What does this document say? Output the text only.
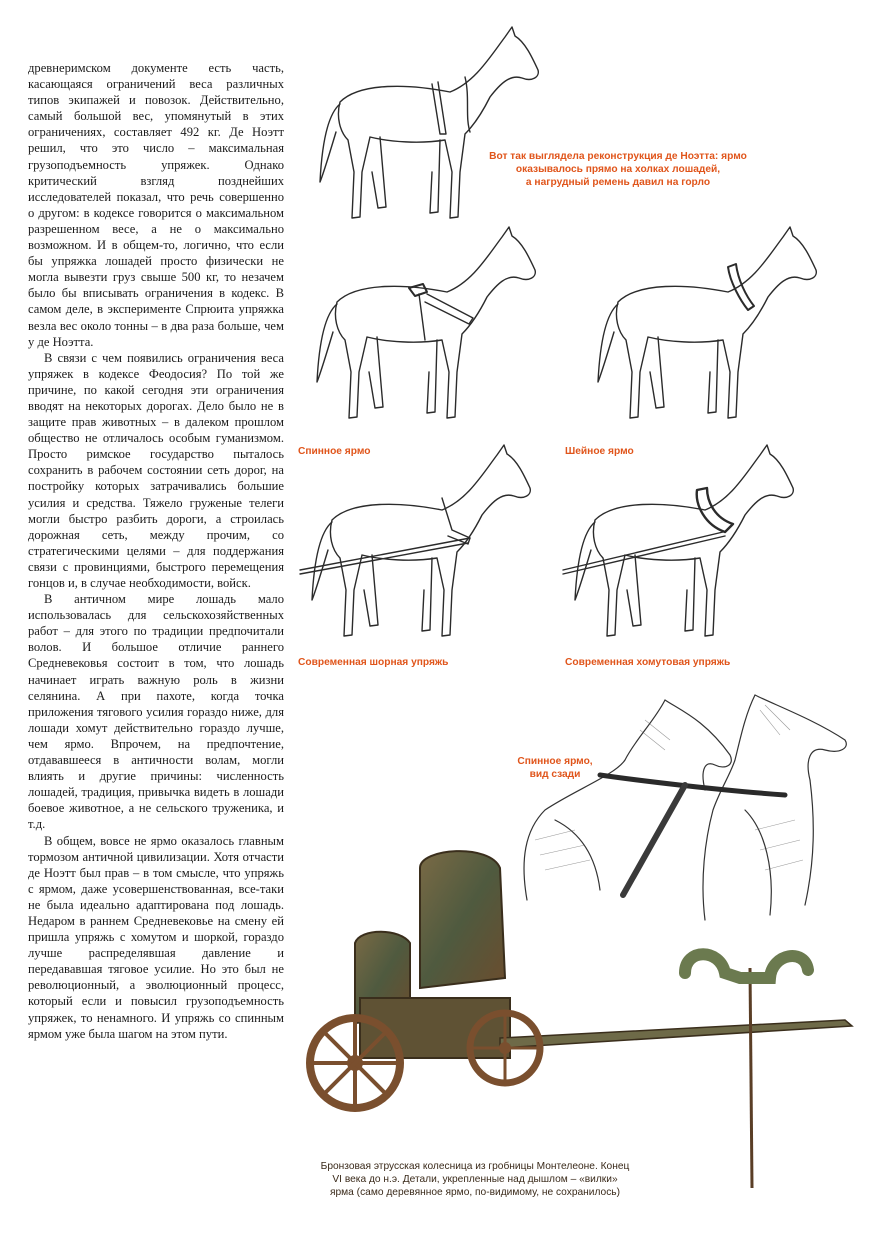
древнеримском документе есть часть, касающаяся ограничений веса различных типов экипажей и повозок. Действительно, самый большой вес, упомянутый в этих ограничениях, составляет 492 кг. Де Ноэтт решил, что это число – максимальная грузоподъемность упряжек. Однако критический взгляд позднейших исследователей показал, что речь совершенно о другом: в кодексе говорится о максимальном разрешенном весе, а не о максимально возможном. И в общем-то, логично, что если бы упряжка лошадей просто физически не могла вывезти груз свыше 500 кг, то незачем было бы вписывать ограничения в кодекс. В самом деле, в эксперименте Спрюита упряжка везла вес около тонны – в два раза больше, чем у де Ноэтта.

В связи с чем появились ограничения веса упряжек в кодексе Феодосия? По той же причине, по какой сегодня эти ограничения вводят на некоторых дорогах. Дело было не в защите прав животных – в далеком прошлом общество не отличалось особым гуманизмом. Просто римское государство пыталось сохранить в рабочем состоянии сеть дорог, на постройку которых затрачивались большие усилия и средства. Тяжело груженые телеги могли быстро разбить дороги, а строилась дорожная сеть, между прочим, со стратегическими целями – для поддержания связи с провинциями, быстрого перемещения гонцов и, в случае необходимости, войск.

В античном мире лошадь мало использовалась для сельскохозяйственных работ – для этого по традиции предпочитали волов. И большое отличие раннего Средневековья состоит в том, что лошадь начинает играть важную роль в жизни селянина. А при пахоте, когда точка приложения тягового усилия гораздо ниже, для лошади хомут действительно гораздо лучше, чем ярмо. Впрочем, на предпочтение, отдававшееся в античности волам, могли влиять и другие причины: численность лошадей, традиция, привычка видеть в лошади боевое животное, а не сельского труженика, и т.д.

В общем, вовсе не ярмо оказалось главным тормозом античной цивилизации. Хотя отчасти де Ноэтт был прав – в том смысле, что упряжь с ярмом, даже усовершенствованная, все-таки не была идеально адаптирована под лошадь. Недаром в раннем Средневековье на смену ей пришла упряжь с хомутом и шоркой, гораздо лучше распределявшая давление и передававшая тяговое усилие. Но это был не революционный, а эволюционный процесс, который если и повысил грузоподъемность упряжек, то ненамного. И упряжь со спинным ярмом уже была шагом на этом пути.

Вот так выглядела реконструкция де Ноэтта: ярмо
оказывалось прямо на холках лошадей,
а нагрудный ремень давил на горло
Спинное ярмо	Шейное ярмо
Современная шорная упряжь	Современная хомутовая упряжь
Спинное ярмо,
вид сзади
Бронзовая этрусская колесница из гробницы Монтелеоне. Конец
VI века до н.э. Детали, укрепленные над дышлом – «вилки»
ярма (само деревянное ярмо, по-видимому, не сохранилось)
